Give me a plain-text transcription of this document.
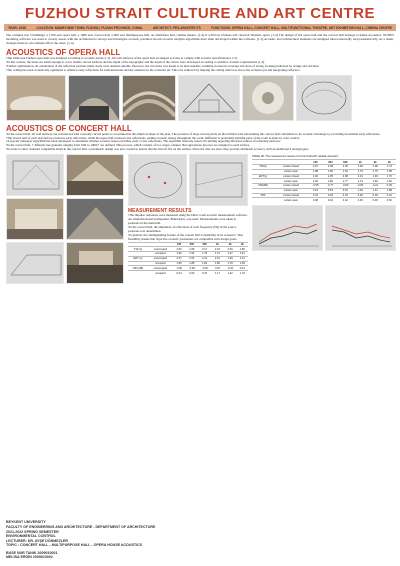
FUZHOU STRAIT CULTURE AND ART CENTRE
YEAR: 2018	LOCATION: MAWEI NEW TOWN, FUZHOU, FUJIAN PROVINCE, CHINA	ARCHITECT: PES-ARCHITECTS	FUNCTIONS: OPERA HALL, CONCERT HALL, MULTIFUNCTIONAL THEATRE, ART EXHIBITION HALL, CINEMA CENTRE
The complex has 5 buildings: a 1700 seat opera hall, a 1000 seat concert hall, a 600 seat multipurpose hall, art exhibition hall, cinema theatre. (1-4) It will host Chinese and classical Western opera. [1-3] The design of the opera hall and the concert hall belongs to Kahle Acoustics. NUNES modeling software was used to closely assess with the architectural concept and investigate acoustic potential. Room acoustic analysis algorithms have been developed within the software. [1-3] Acoustic and architectural elements are designed interconnectedly and parametrically. As a result, changes made in one element affect the other. [1-4]
ACOUSTICS OF OPERA HALL
•The 1600-seat Fuzhou opera hall was designed according to acoustic needs [1-3]. All wall surfaces of the opera hall are shaped as lobes to comply with acoustic specifications [1-3].
•In this context, the lobes are small enough to cover double curved surfaces and the depth of the topography and the depth of the curves were developed according to sensitive acoustic requirements [1-3].
•Further optimization, all orientations of the reflection portions under study were deemed suitable. However, the curvature was found to be unacceptable, resulting in uneven coverage and areas of strong focusing indicated by orange and red lines.
•The ceiling has been acoustically optimized to enhance early reflections for both musicians and the audience in the orchestra pit. This was achieved by shaping the ceiling reflectors above the orchestra pit and integrating reflectors.
ACOUSTICS OF CONCERT HALL
•In the concert hall, all wall surfaces are constructed with convexly curved petals to accommodate the elliptical shape of the plan. The presence of large curved petals on the inclined wall surrounding the concert hall contributes to its acoustic advantage by providing broadband early reflections.
•The lowest half of each leaf surface produces early reflections, while the upper half produces late reflections, ending acoustic energy throughout the room. Diffusion is potentially harmful parts of the room is done by color control.
•A special wallpaper algorithm has been developed to determine whether acoustic issues prioritize early or late reflections. The algorithm basically selects tilt turning regarding the listed centers of reflecting surfaces.
•In the concert hall, 7 different tree granules ranging from 10m to 100m+ are defined. This process, which consists of two stages, ensures that appropriate grooves are assigned to each surface.
•In order to allow standard compatible detail in the concert hall, a parametric design was also created to ensure that the tiles fit flat on the surface. Since the tiles are laser, they provide additional accuracy with an additional 6 enough gaps.
MEASUREMENT RESULTS
•The impulse responses were measured using the Dirac room acoustic measurement software. An omnidirectional loudspeaker, Brüel-Kjær, was used. Measurements were taken at positions in the main hall.
•In the concert hall, the amplitude of reflections of each frequency (Hz) in the source positions was determined.
•In general, the distinguishing feature of the concert hall is flexibility in its acoustics. This flexibility means that objective acoustic parameters are compatible with design goals.
		125	250	500	1k	2k	4k
T30 (s)	unoccupied	2.05	2.08	2.17	2.15	2.06	1.80
	occupied	1.96	1.92	1.76	1.72	1.67	1.61
EDT (s)	unoccupied	2.37	2.04	2.12	2.10	1.99	1.72
	occupied	1.89	1.88	1.82	1.80	1.78	1.59
C80 (dB)	unoccupied	-0.90	-0.59	-1.08	-0.87	-0.32	0.12
	occupied	0.24	0.60	0.70	1.17	1.32	1.76
TABLE 1B. The measurement results of concert hall with variable acoustics
		125	250	500	1k	2k	4k
T30(s)	curtain closed	2.10	2.08	2.09	2.06	1.98	1.73
	curtain open	1.88	1.86	1.81	1.79	1.75	1.58
EDT(s)	curtain closed	2.02	2.05	2.08	2.01	1.93	1.70
	curtain open	1.84	1.80	1.77	1.73	1.69	1.52
C80(dB)	curtain closed	-0.95	-0.77	-0.80	-0.60	-0.21	0.39
	curtain open	0.19	0.54	0.63	1.06	1.41	1.88
D50	curtain closed	0.31	0.33	0.34	0.36	0.39	0.42
	curtain open	0.38	0.40	0.42	0.45	0.48	0.52
BEYKENT UNIVERSITY
FACULTY OF ENGINEERING AND ARCHITECTURE - DEPARTMENT OF ARCHITECTURE
2021-2022 SPRING SEMESTER
ENVIRONMENTAL CONTROL
LECTURER: DR. AYŞE DÖNMEZLER
TOPIC : CONCERT HALL - MULTIPURPOSE HALL - OPERA HOUSE ACOUSTICS
BUSE NUR TANIK 2009010001
MELİSA ERGİN 2009010002
